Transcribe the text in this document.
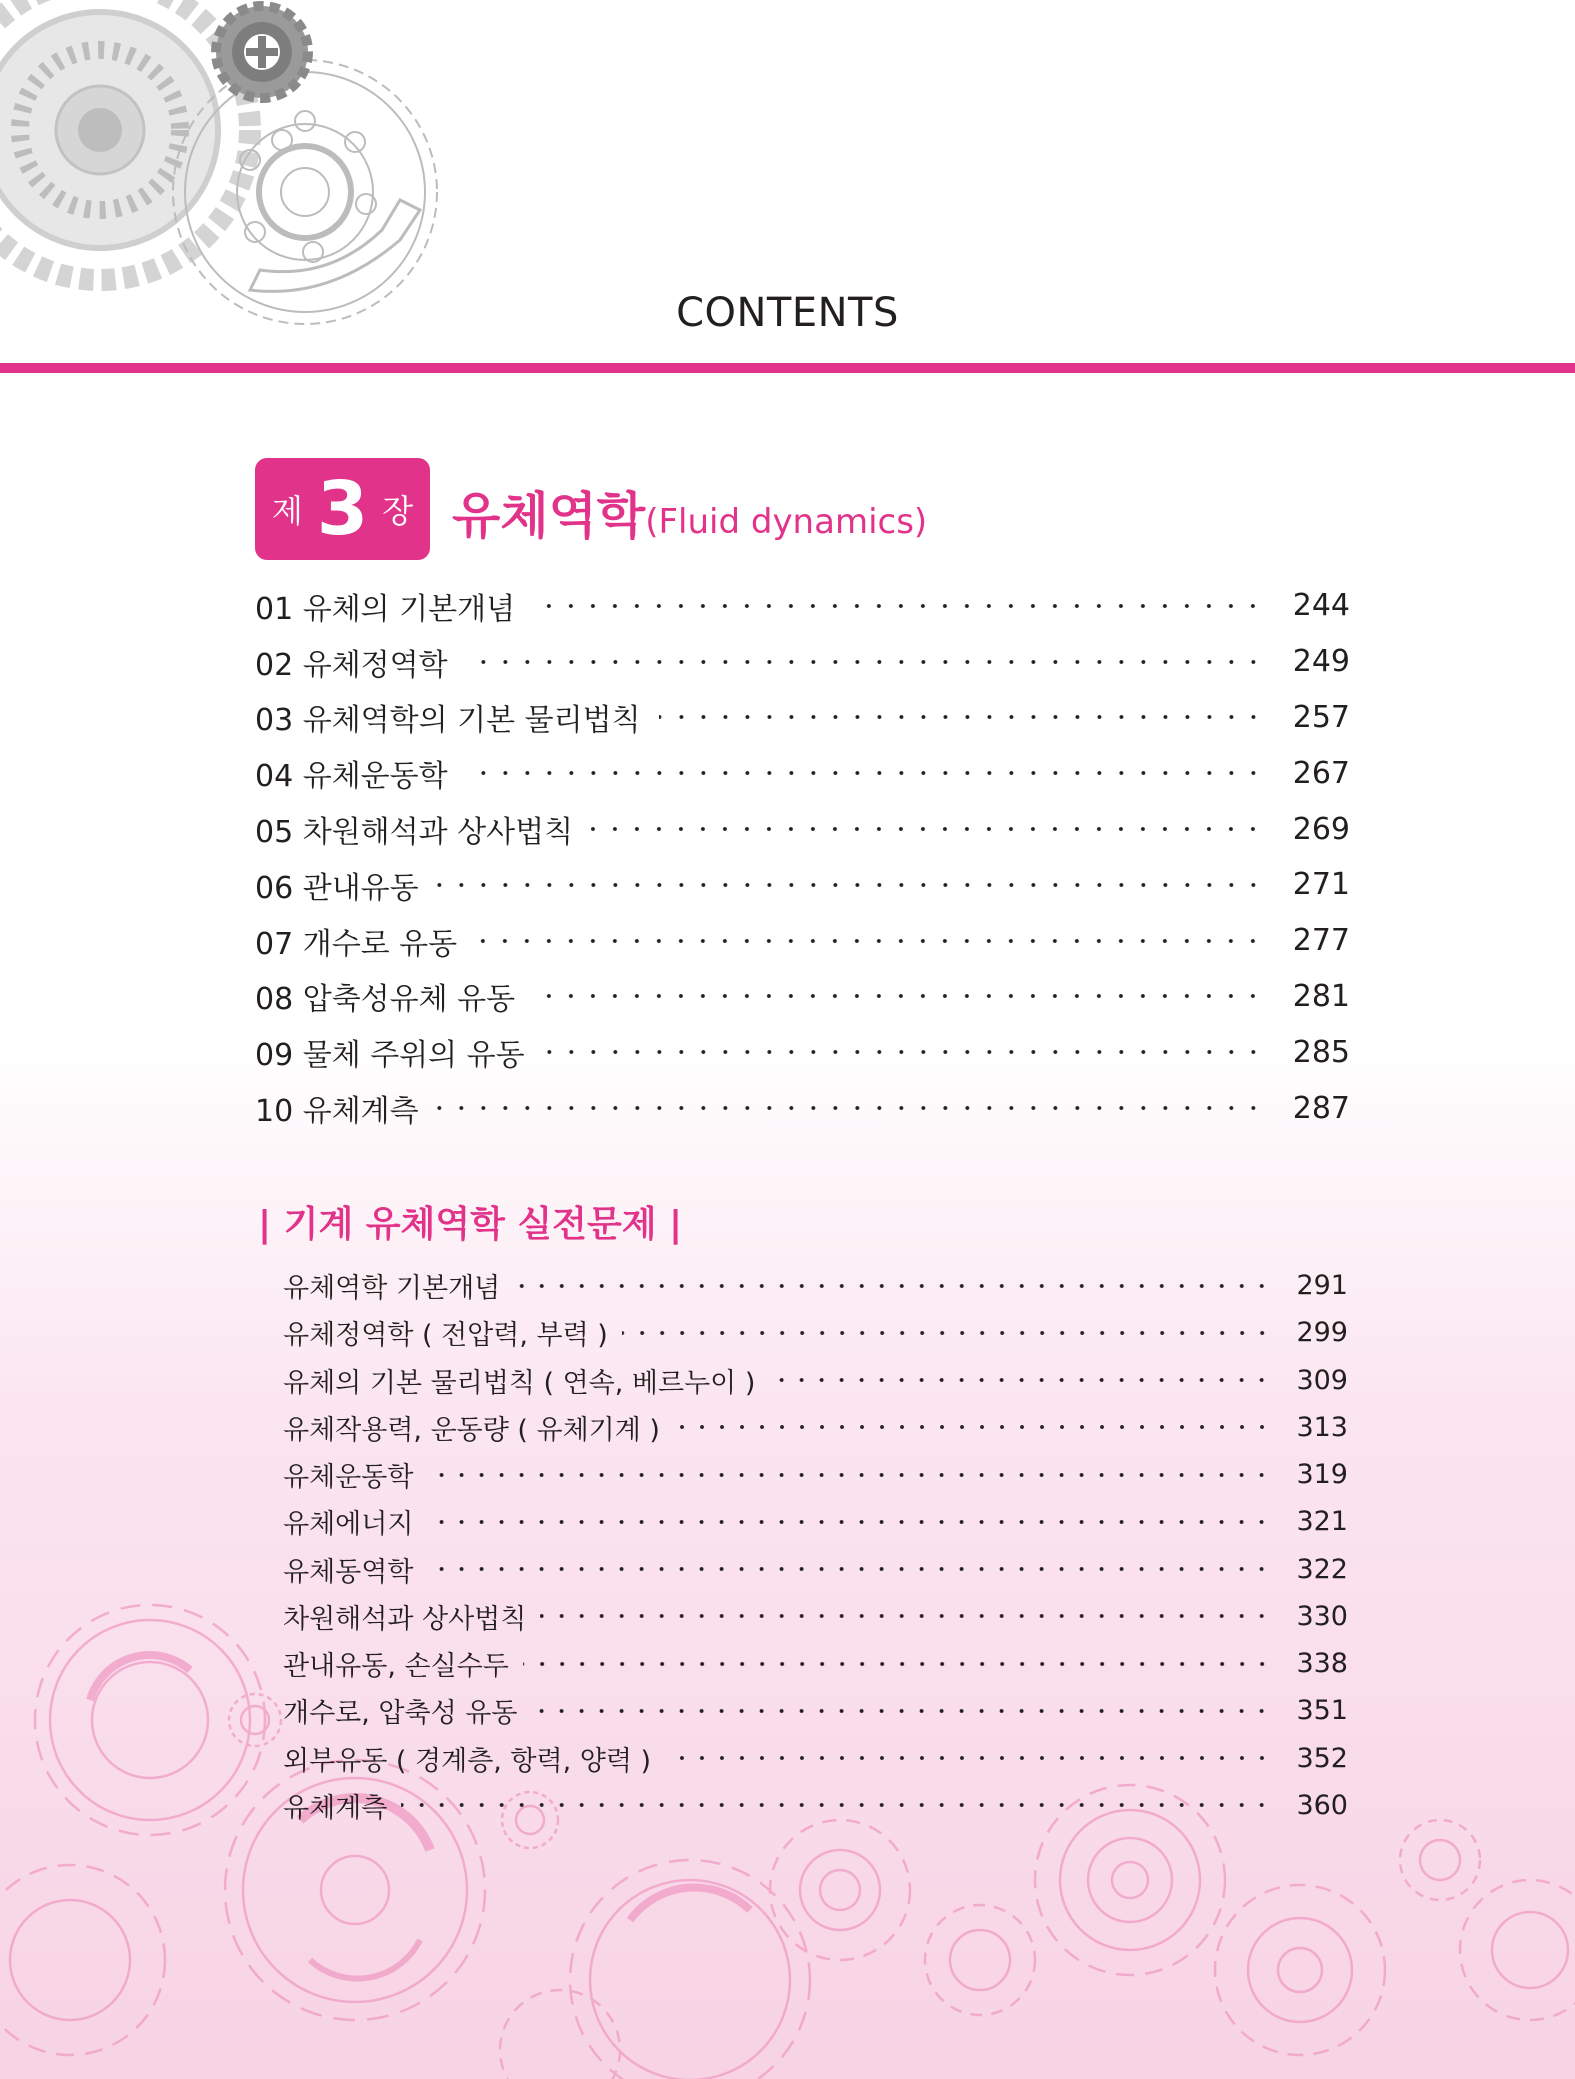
CONTENTS
제 3 장 유체역학(Fluid dynamics)
01 유체의 기본개념	244
02 유체정역학	249
03 유체역학의 기본 물리법칙	257
04 유체운동학	267
05 차원해석과 상사법칙	269
06 관내유동	271
07 개수로 유동	277
08 압축성유체 유동	281
09 물체 주위의 유동	285
10 유체계측	287
| 기계 유체역학 실전문제 |
유체역학 기본개념	291
유체정역학 ( 전압력, 부력 )	299
유체의 기본 물리법칙 ( 연속, 베르누이 )	309
유체작용력, 운동량 ( 유체기계 )	313
유체운동학	319
유체에너지	321
유체동역학	322
차원해석과 상사법칙	330
관내유동, 손실수두	338
개수로, 압축성 유동	351
외부유동 ( 경계층, 항력, 양력 )	352
유체계측	360
